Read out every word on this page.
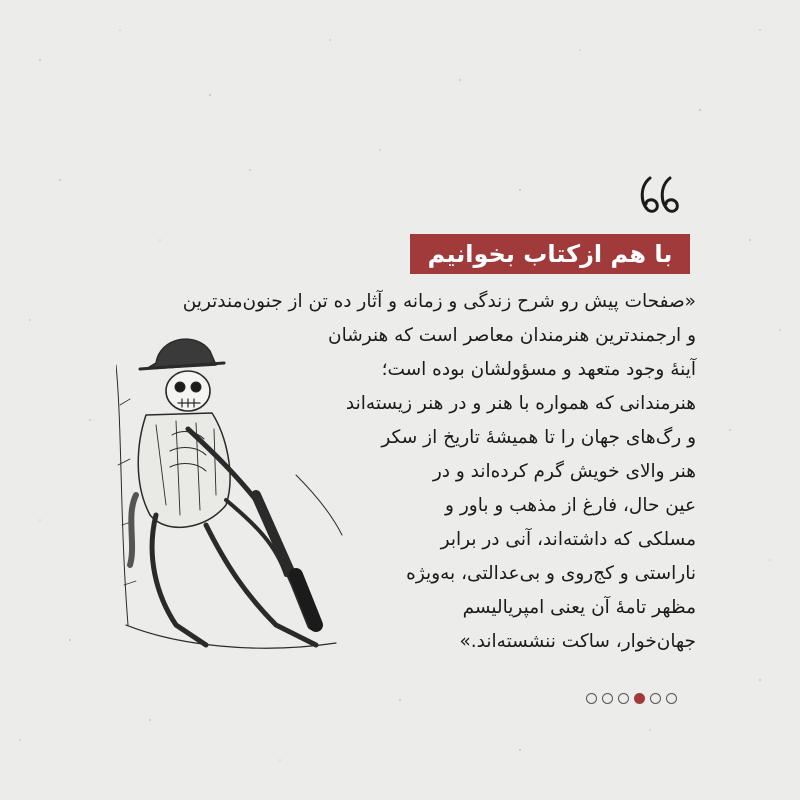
با هم ازکتاب بخوانیم
«صفحات پیش رو شرح زندگی و زمانه و آثار ده تن از جنون‌مندترین
و ارجمندترین هنرمندان معاصر است که هنرشان
آینهٔ وجود متعهد و مسؤولشان بوده است؛
هنرمندانی که همواره با هنر و در هنر زیسته‌اند
و رگ‌های جهان را تا همیشهٔ تاریخ از سکر
هنر والای خویش گرم کرده‌اند و در
عین حال، فارغ از مذهب و باور و
مسلکی که داشته‌اند، آنی در برابر
ناراستی و کج‌روی و بی‌عدالتی، به‌ویژه
مظهر تامهٔ آن یعنی امپریالیسم
جهان‌خوار، ساکت ننشسته‌اند.»
